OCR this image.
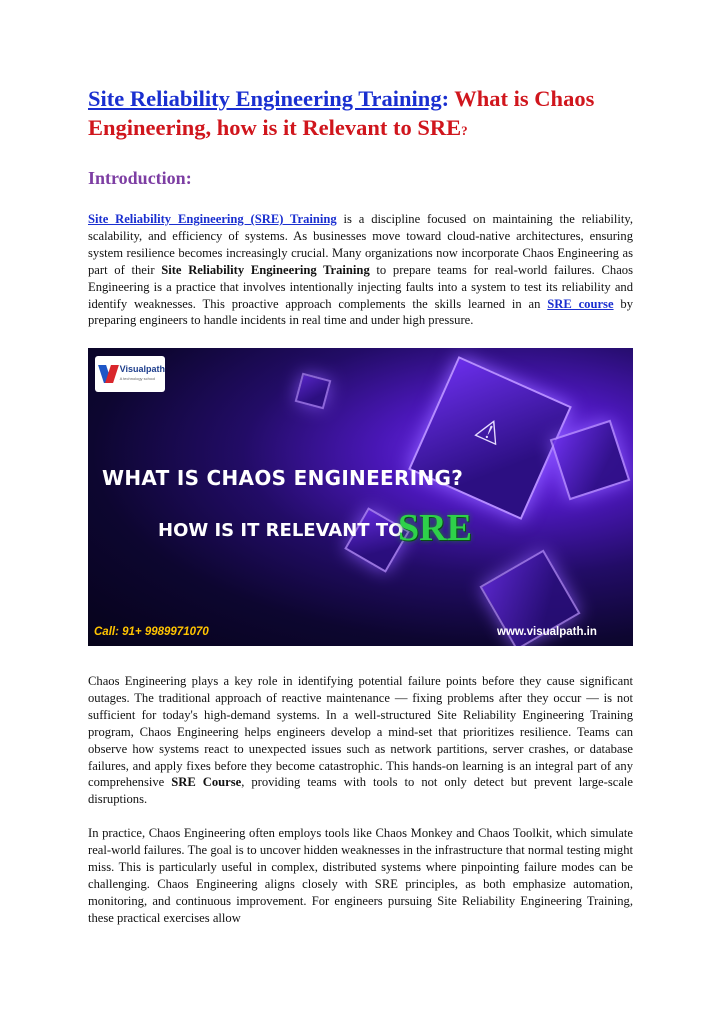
Site Reliability Engineering Training: What is Chaos Engineering, how is it Relevant to SRE?
Introduction:

Site Reliability Engineering (SRE) Training is a discipline focused on maintaining the reliability, scalability, and efficiency of systems. As businesses move toward cloud-native architectures, ensuring system resilience becomes increasingly crucial. Many organizations now incorporate Chaos Engineering as part of their Site Reliability Engineering Training to prepare teams for real-world failures. Chaos Engineering is a practice that involves intentionally injecting faults into a system to test its reliability and identify weaknesses. This proactive approach complements the skills learned in an SRE course by preparing engineers to handle incidents in real time and under high pressure.

Visualpath
A technology school
⚠
WHAT IS CHAOS ENGINEERING?
HOW IS IT RELEVANT TO
SRE
Call: 91+ 9989971070	www.visualpath.in

Chaos Engineering plays a key role in identifying potential failure points before they cause significant outages. The traditional approach of reactive maintenance — fixing problems after they occur — is not sufficient for today's high-demand systems. In a well-structured Site Reliability Engineering Training program, Chaos Engineering helps engineers develop a mind-set that prioritizes resilience. Teams can observe how systems react to unexpected issues such as network partitions, server crashes, or database failures, and apply fixes before they become catastrophic. This hands-on learning is an integral part of any comprehensive SRE Course, providing teams with tools to not only detect but prevent large-scale disruptions.

In practice, Chaos Engineering often employs tools like Chaos Monkey and Chaos Toolkit, which simulate real-world failures. The goal is to uncover hidden weaknesses in the infrastructure that normal testing might miss. This is particularly useful in complex, distributed systems where pinpointing failure modes can be challenging. Chaos Engineering aligns closely with SRE principles, as both emphasize automation, monitoring, and continuous improvement. For engineers pursuing Site Reliability Engineering Training, these practical exercises allow
